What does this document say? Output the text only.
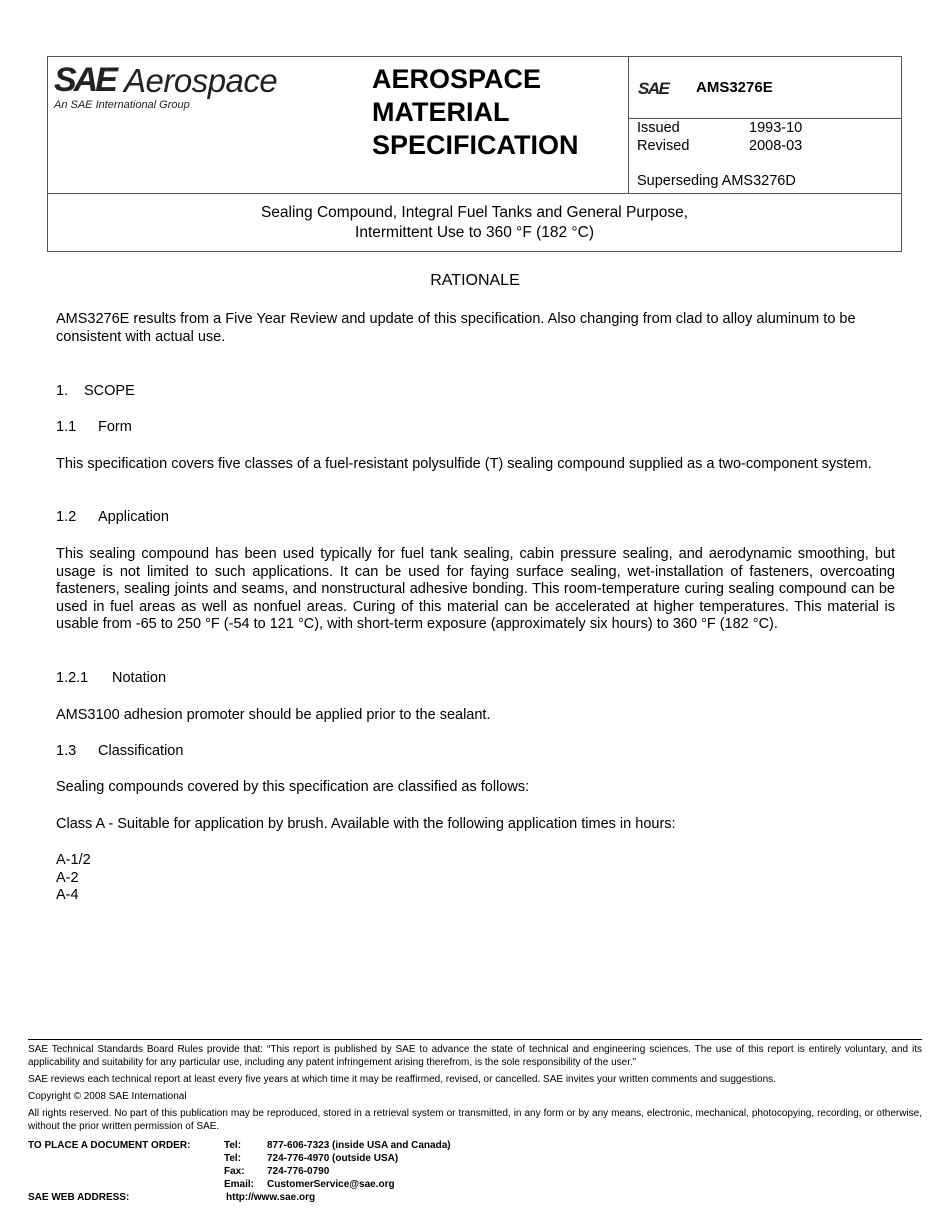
SAE Aerospace
An SAE International Group
AEROSPACE
MATERIAL
SPECIFICATION
SAE AMS3276E
Issued	1993-10
Revised	2008-03
Superseding AMS3276D
Sealing Compound, Integral Fuel Tanks and General Purpose,
Intermittent Use to 360 °F (182 °C)
RATIONALE
AMS3276E results from a Five Year Review and update of this specification. Also changing from clad to alloy aluminum to be consistent with actual use.
1. SCOPE
1.1 Form
This specification covers five classes of a fuel-resistant polysulfide (T) sealing compound supplied as a two-component system.
1.2 Application
This sealing compound has been used typically for fuel tank sealing, cabin pressure sealing, and aerodynamic smoothing, but usage is not limited to such applications. It can be used for faying surface sealing, wet-installation of fasteners, overcoating fasteners, sealing joints and seams, and nonstructural adhesive bonding. This room-temperature curing sealing compound can be used in fuel areas as well as nonfuel areas. Curing of this material can be accelerated at higher temperatures. This material is usable from -65 to 250 °F (-54 to 121 °C), with short-term exposure (approximately six hours) to 360 °F (182 °C).
1.2.1 Notation
AMS3100 adhesion promoter should be applied prior to the sealant.
1.3 Classification
Sealing compounds covered by this specification are classified as follows:
Class A - Suitable for application by brush. Available with the following application times in hours:
A-1/2
A-2
A-4
SAE Technical Standards Board Rules provide that: “This report is published by SAE to advance the state of technical and engineering sciences. The use of this report is entirely voluntary, and its applicability and suitability for any particular use, including any patent infringement arising therefrom, is the sole responsibility of the user.”
SAE reviews each technical report at least every five years at which time it may be reaffirmed, revised, or cancelled. SAE invites your written comments and suggestions.
Copyright © 2008 SAE International
All rights reserved. No part of this publication may be reproduced, stored in a retrieval system or transmitted, in any form or by any means, electronic, mechanical, photocopying, recording, or otherwise, without the prior written permission of SAE.
TO PLACE A DOCUMENT ORDER:	Tel:	877-606-7323 (inside USA and Canada)
Tel:	724-776-4970 (outside USA)
Fax: 724-776-0790
Email: CustomerService@sae.org
SAE WEB ADDRESS:	http://www.sae.org
